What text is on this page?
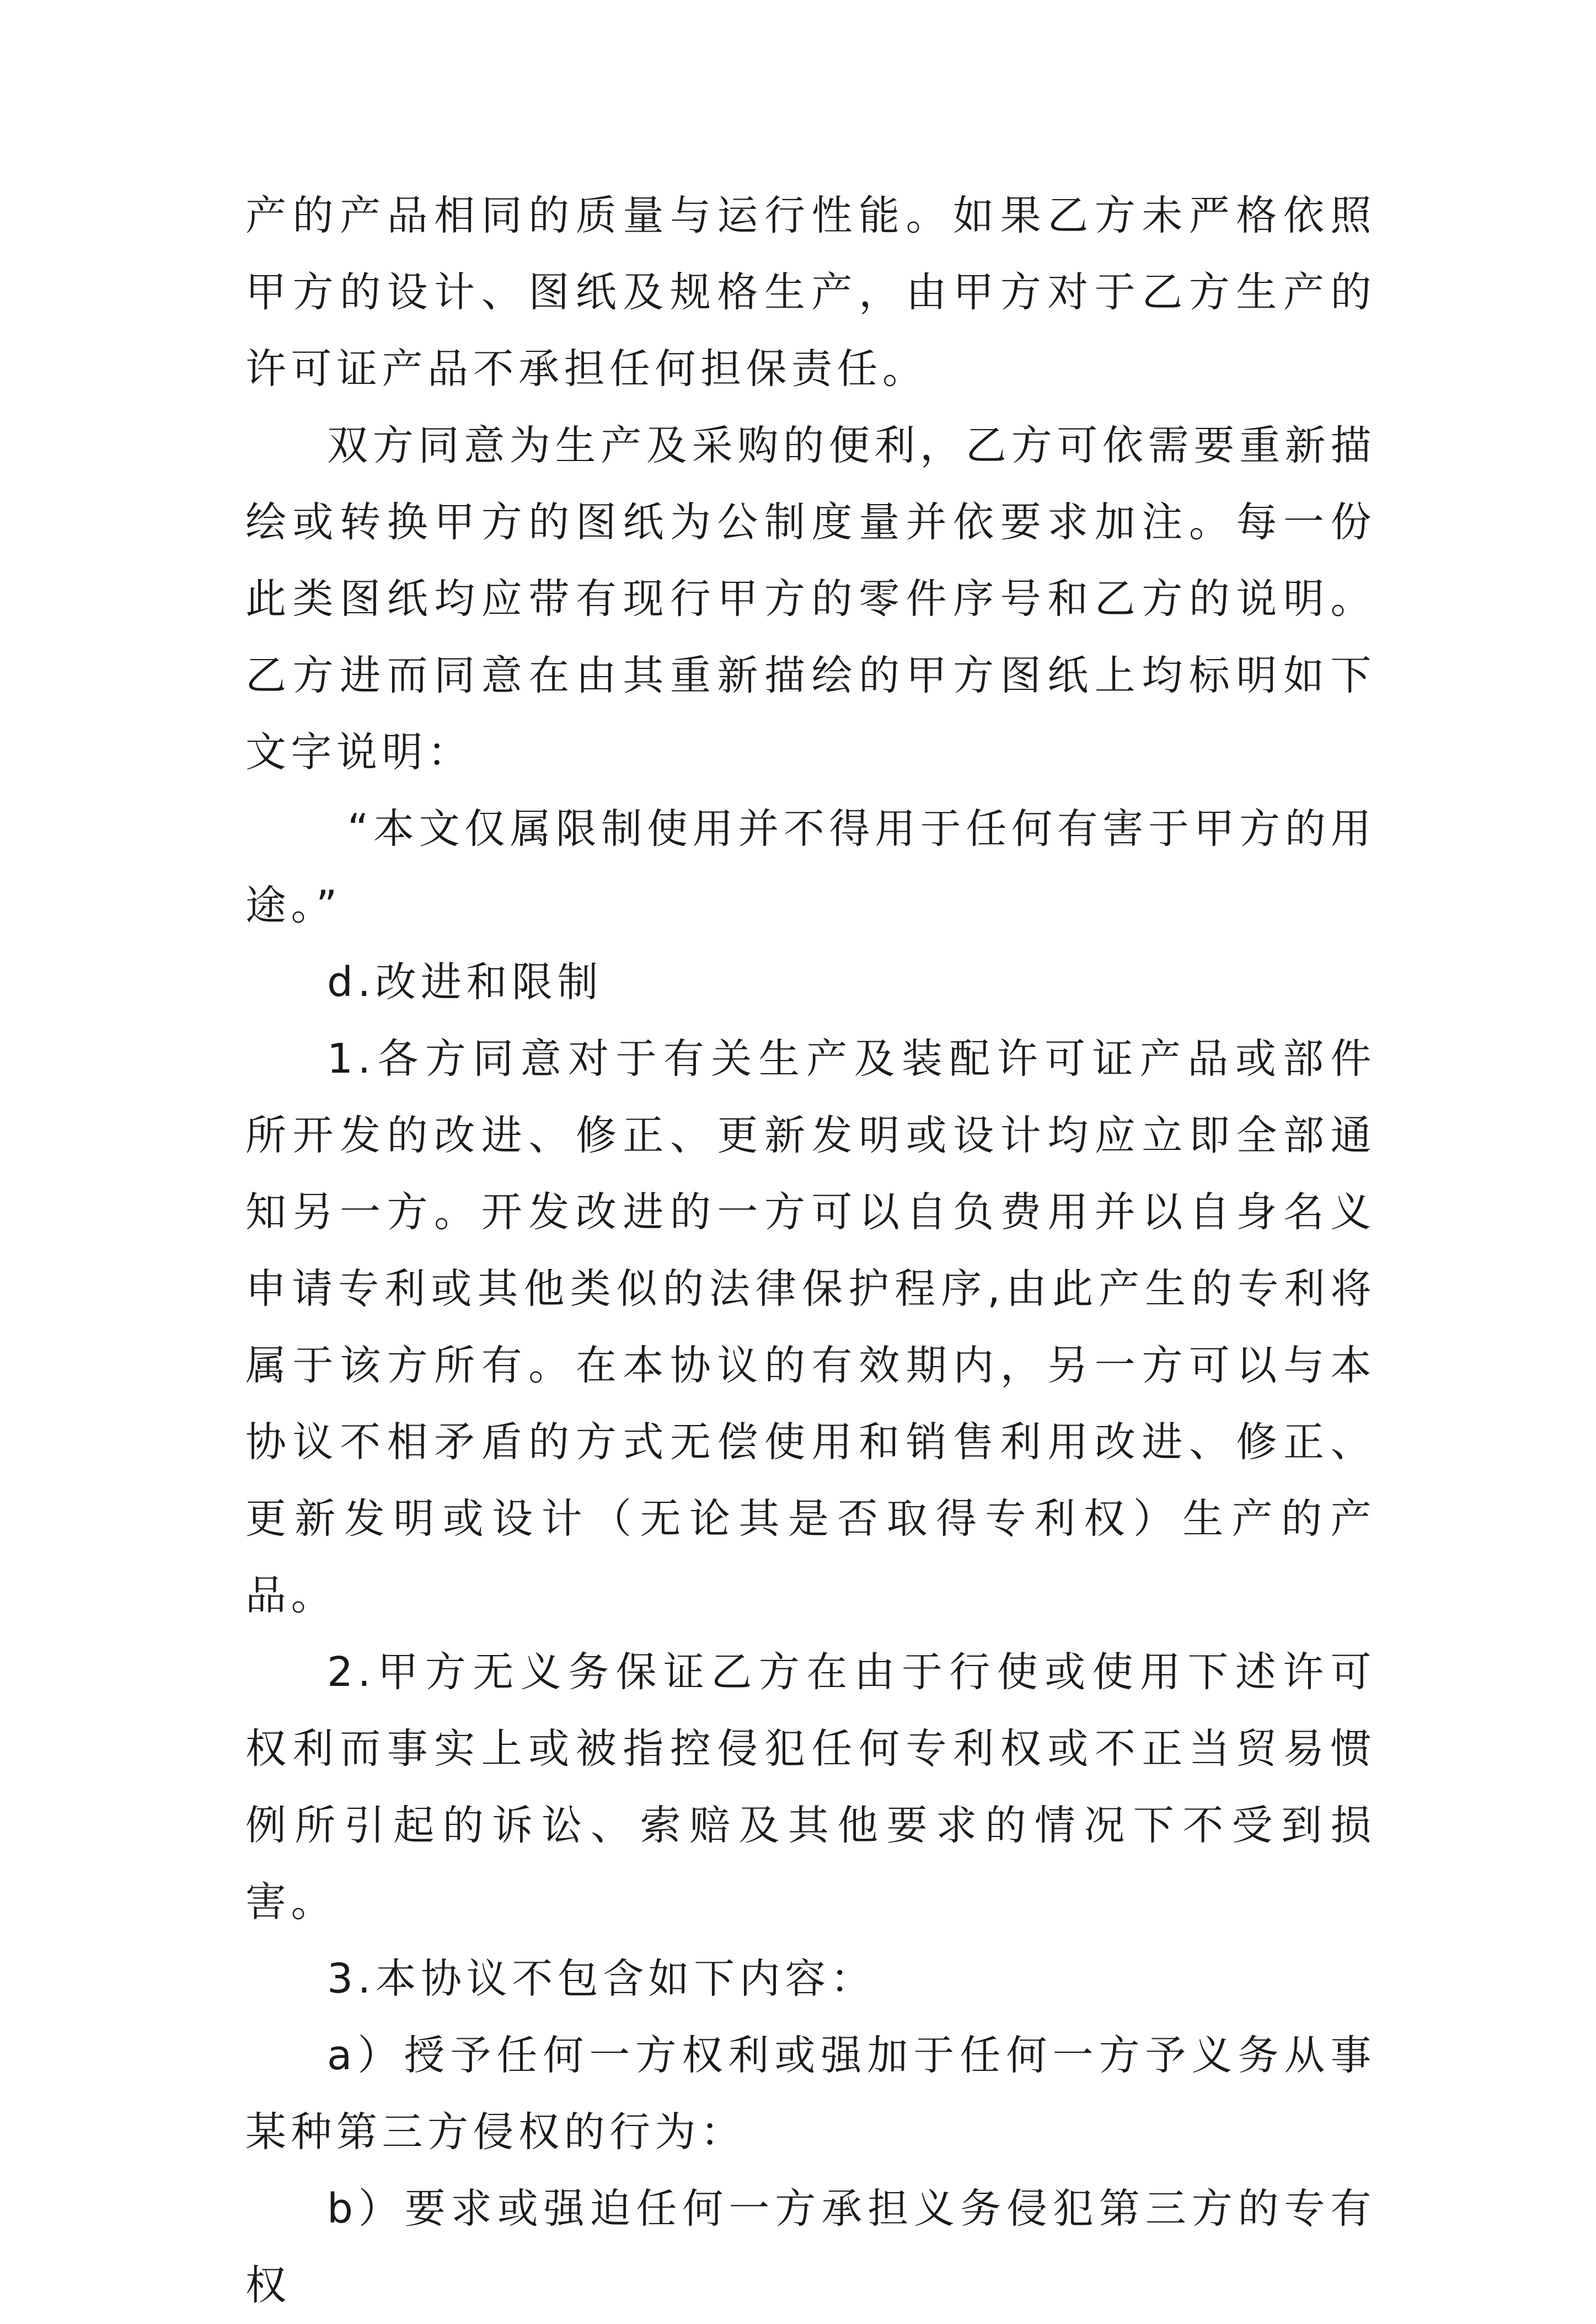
产的产品相同的质量与运行性能。如果乙方未严格依照甲方的设计、图纸及规格生产，由甲方对于乙方生产的许可证产品不承担任何担保责任。

双方同意为生产及采购的便利，乙方可依需要重新描绘或转换甲方的图纸为公制度量并依要求加注。每一份此类图纸均应带有现行甲方的零件序号和乙方的说明。乙方进而同意在由其重新描绘的甲方图纸上均标明如下文字说明：

“本文仅属限制使用并不得用于任何有害于甲方的用途。”

d.改进和限制

1.各方同意对于有关生产及装配许可证产品或部件所开发的改进、修正、更新发明或设计均应立即全部通知另一方。开发改进的一方可以自负费用并以自身名义申请专利或其他类似的法律保护程序,由此产生的专利将属于该方所有。在本协议的有效期内，另一方可以与本协议不相矛盾的方式无偿使用和销售利用改进、修正、更新发明或设计（无论其是否取得专利权）生产的产品。

2.甲方无义务保证乙方在由于行使或使用下述许可权利而事实上或被指控侵犯任何专利权或不正当贸易惯例所引起的诉讼、索赔及其他要求的情况下不受到损害。

3.本协议不包含如下内容：

a）授予任何一方权利或强加于任何一方予义务从事某种第三方侵权的行为：

b）要求或强迫任何一方承担义务侵犯第三方的专有权
